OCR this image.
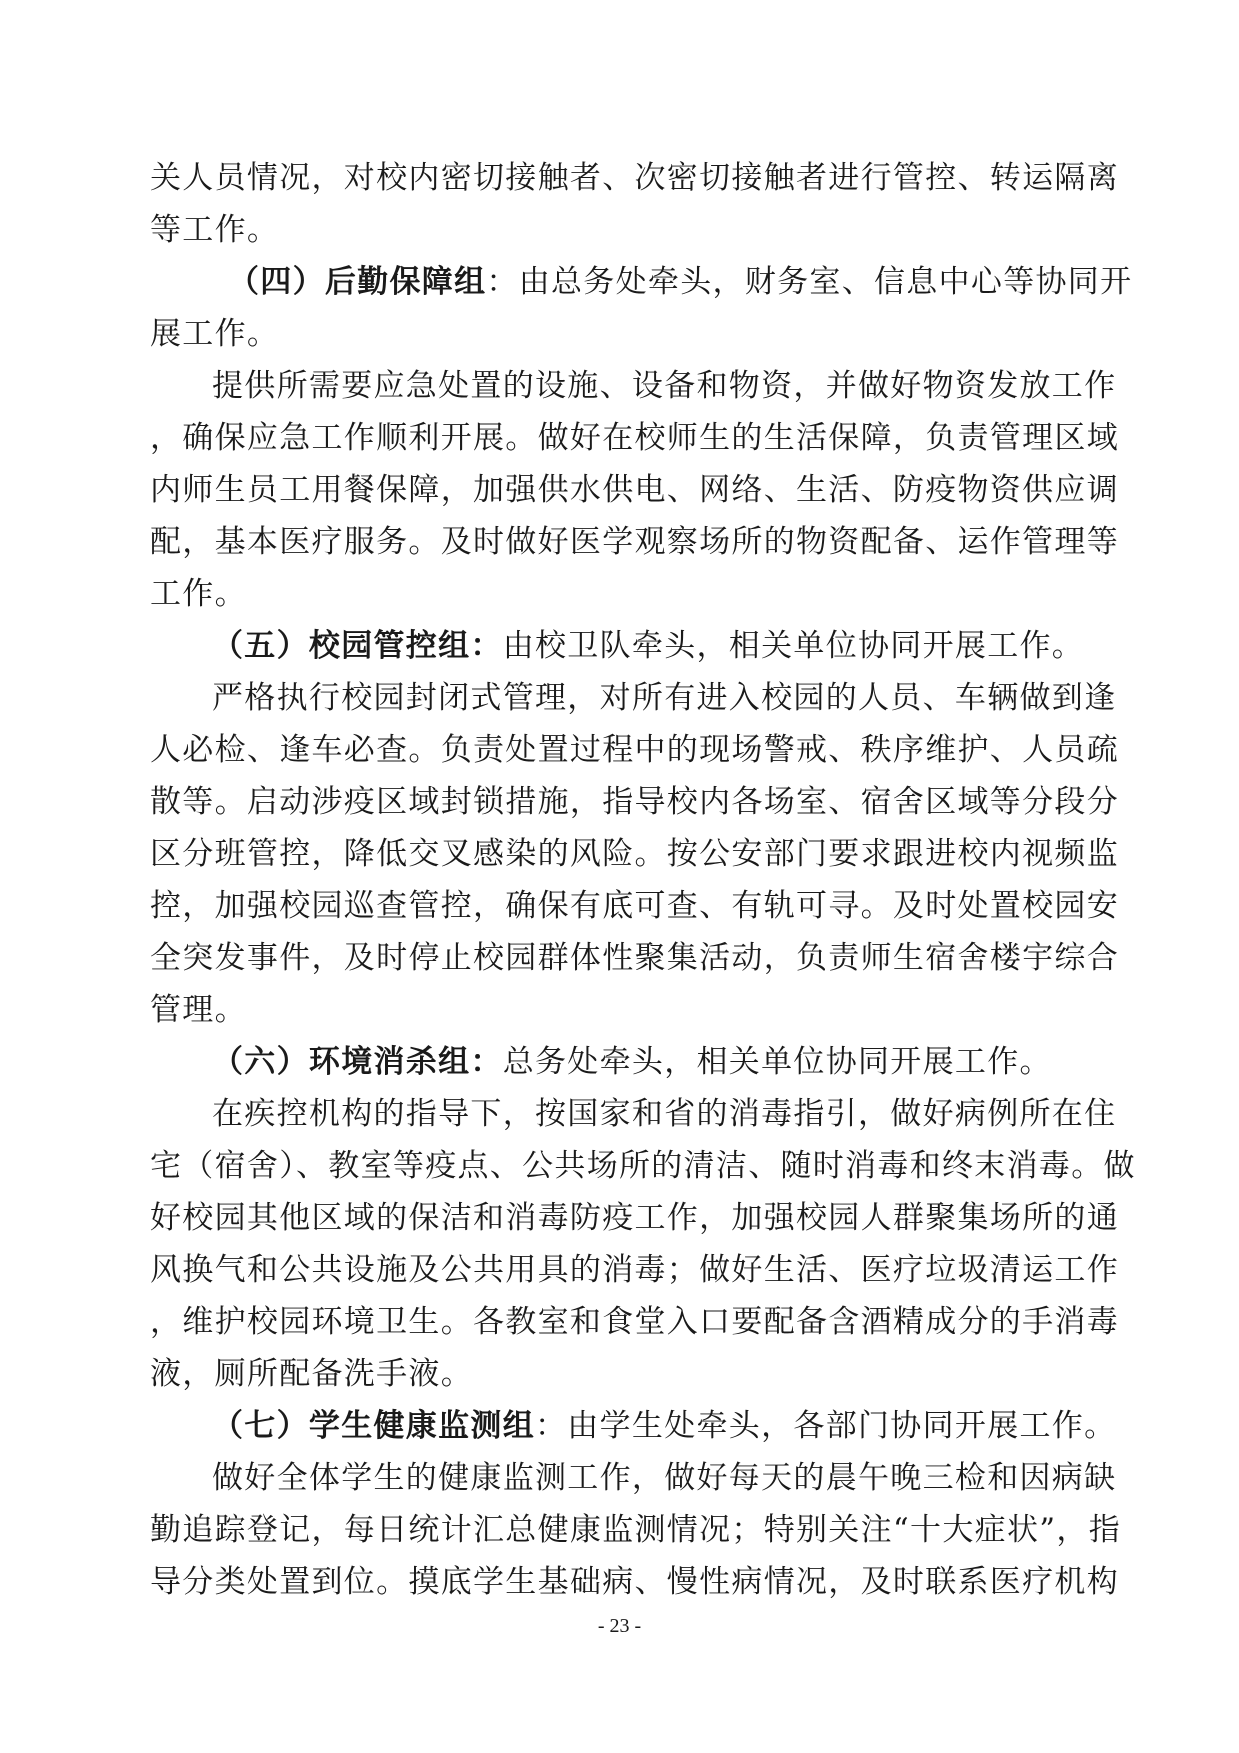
关人员情况，对校内密切接触者、次密切接触者进行管控、转运隔离
等工作。
（四）后勤保障组：由总务处牵头，财务室、信息中心等协同开
展工作。
提供所需要应急处置的设施、设备和物资，并做好物资发放工作
，确保应急工作顺利开展。做好在校师生的生活保障，负责管理区域
内师生员工用餐保障，加强供水供电、网络、生活、防疫物资供应调
配，基本医疗服务。及时做好医学观察场所的物资配备、运作管理等
工作。
（五）校园管控组：由校卫队牵头，相关单位协同开展工作。
严格执行校园封闭式管理，对所有进入校园的人员、车辆做到逢
人必检、逢车必查。负责处置过程中的现场警戒、秩序维护、人员疏
散等。启动涉疫区域封锁措施，指导校内各场室、宿舍区域等分段分
区分班管控，降低交叉感染的风险。按公安部门要求跟进校内视频监
控，加强校园巡查管控，确保有底可查、有轨可寻。及时处置校园安
全突发事件，及时停止校园群体性聚集活动，负责师生宿舍楼宇综合
管理。
（六）环境消杀组：总务处牵头，相关单位协同开展工作。
在疾控机构的指导下，按国家和省的消毒指引，做好病例所在住
宅（宿舍）、教室等疫点、公共场所的清洁、随时消毒和终末消毒。做
好校园其他区域的保洁和消毒防疫工作，加强校园人群聚集场所的通
风换气和公共设施及公共用具的消毒；做好生活、医疗垃圾清运工作
，维护校园环境卫生。各教室和食堂入口要配备含酒精成分的手消毒
液，厕所配备洗手液。
（七）学生健康监测组：由学生处牵头，各部门协同开展工作。
做好全体学生的健康监测工作，做好每天的晨午晚三检和因病缺
勤追踪登记，每日统计汇总健康监测情况；特别关注“十大症状”，指
导分类处置到位。摸底学生基础病、慢性病情况，及时联系医疗机构
- 23 -
